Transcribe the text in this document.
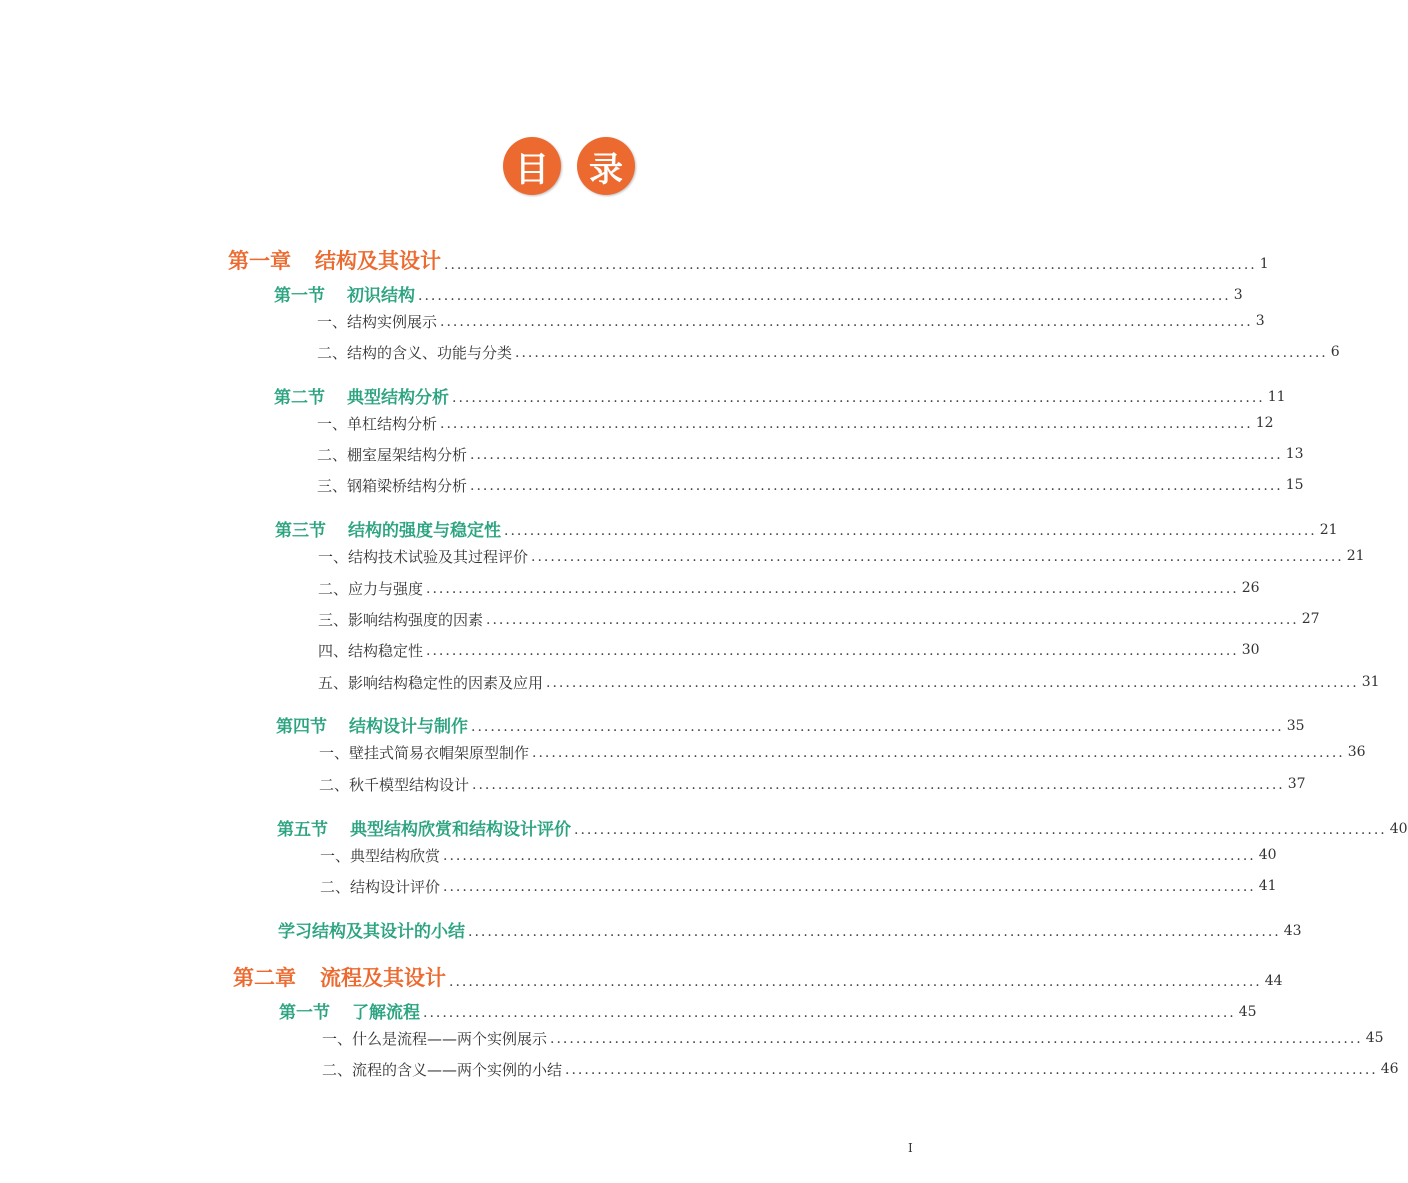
目	录
第一章 结构及其设计 .............................................................................................................................. 1
第一节 初识结构 .............................................................................................................................. 3
一、结构实例展示 .............................................................................................................................. 3
二、结构的含义、功能与分类 .............................................................................................................................. 6
第二节 典型结构分析 .............................................................................................................................. 11
一、单杠结构分析 .............................................................................................................................. 12
二、棚室屋架结构分析 .............................................................................................................................. 13
三、钢箱梁桥结构分析 .............................................................................................................................. 15
第三节 结构的强度与稳定性 .............................................................................................................................. 21
一、结构技术试验及其过程评价 .............................................................................................................................. 21
二、应力与强度 .............................................................................................................................. 26
三、影响结构强度的因素 .............................................................................................................................. 27
四、结构稳定性 .............................................................................................................................. 30
五、影响结构稳定性的因素及应用 .............................................................................................................................. 31
第四节 结构设计与制作 .............................................................................................................................. 35
一、壁挂式简易衣帽架原型制作 .............................................................................................................................. 36
二、秋千模型结构设计 .............................................................................................................................. 37
第五节 典型结构欣赏和结构设计评价 .............................................................................................................................. 40
一、典型结构欣赏 .............................................................................................................................. 40
二、结构设计评价 .............................................................................................................................. 41
学习结构及其设计的小结 .............................................................................................................................. 43
第二章 流程及其设计 .............................................................................................................................. 44
第一节 了解流程 .............................................................................................................................. 45
一、什么是流程——两个实例展示 .............................................................................................................................. 45
二、流程的含义——两个实例的小结 .............................................................................................................................. 46
I
